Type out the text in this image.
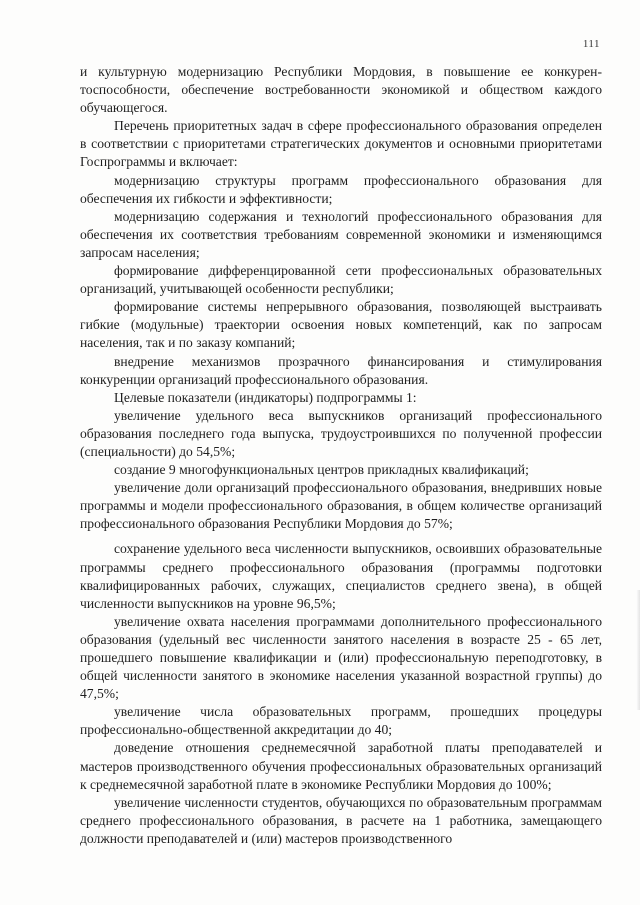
111

и культурную модернизацию Республики Мордовия, в повышение ее конкурентоспособности, обеспечение востребованности экономикой и обществом каждого обучающегося.

Перечень приоритетных задач в сфере профессионального образования определен в соответствии с приоритетами стратегических документов и основными приоритетами Госпрограммы и включает:

модернизацию структуры программ профессионального образования для обеспечения их гибкости и эффективности;

модернизацию содержания и технологий профессионального образования для обеспечения их соответствия требованиям современной экономики и изменяющимся запросам населения;

формирование дифференцированной сети профессиональных образовательных организаций, учитывающей особенности республики;

формирование системы непрерывного образования, позволяющей выстраивать гибкие (модульные) траектории освоения новых компетенций, как по запросам населения, так и по заказу компаний;

внедрение механизмов прозрачного финансирования и стимулирования конкуренции организаций профессионального образования.

Целевые показатели (индикаторы) подпрограммы 1:

увеличение удельного веса выпускников организаций профессионального образования последнего года выпуска, трудоустроившихся по полученной профессии (специальности) до 54,5%;

создание 9 многофункциональных центров прикладных квалификаций;

увеличение доли организаций профессионального образования, внедривших новые программы и модели профессионального образования, в общем количестве организаций профессионального образования Республики Мордовия до 57%;

сохранение удельного веса численности выпускников, освоивших образовательные программы среднего профессионального образования (программы подготовки квалифицированных рабочих, служащих, специалистов среднего звена), в общей численности выпускников на уровне 96,5%;

увеличение охвата населения программами дополнительного профессионального образования (удельный вес численности занятого населения в возрасте 25 - 65 лет, прошедшего повышение квалификации и (или) профессиональную переподготовку, в общей численности занятого в экономике населения указанной возрастной группы) до 47,5%;

увеличение числа образовательных программ, прошедших процедуры профессионально-общественной аккредитации до 40;

доведение отношения среднемесячной заработной платы преподавателей и мастеров производственного обучения профессиональных образовательных организаций к среднемесячной заработной плате в экономике Республики Мордовия до 100%;

увеличение численности студентов, обучающихся по образовательным программам среднего профессионального образования, в расчете на 1 работника, замещающего должности преподавателей и (или) мастеров производственного
